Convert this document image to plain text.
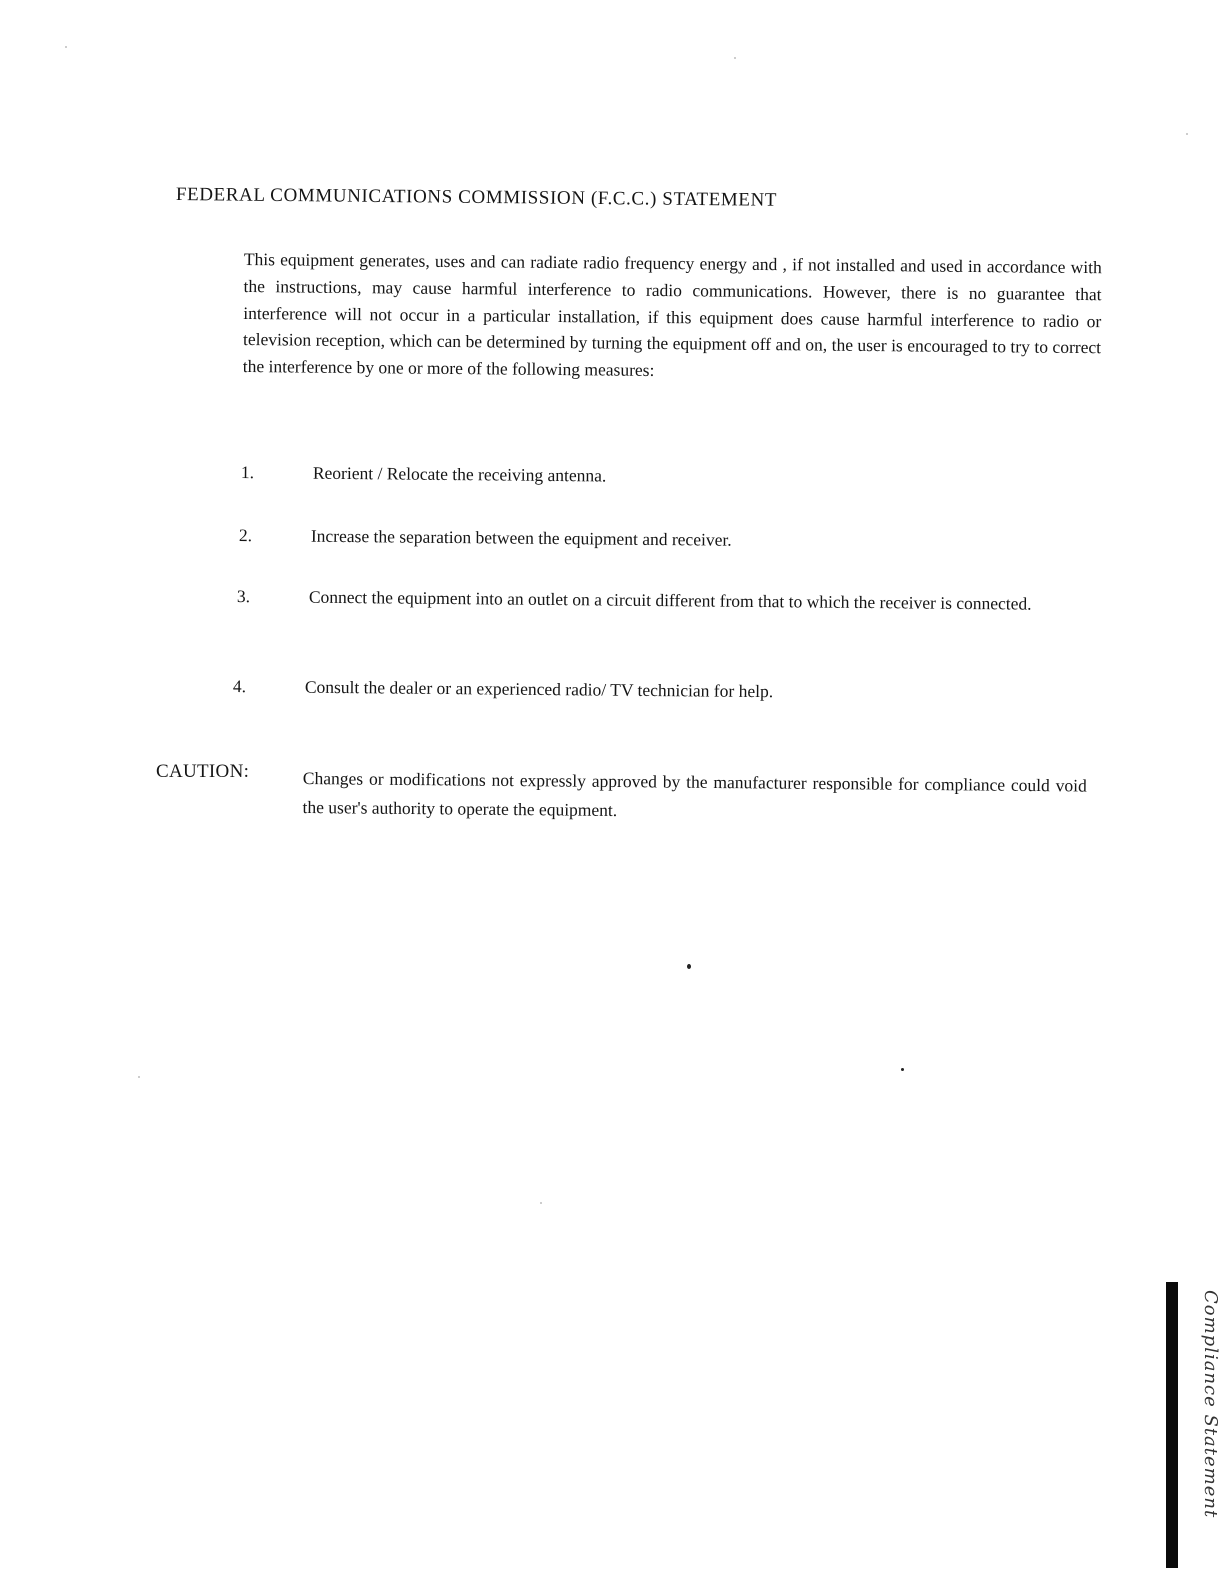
FEDERAL COMMUNICATIONS COMMISSION (F.C.C.) STATEMENT
This equipment generates, uses and can radiate radio frequency energy and , if not installed and used in accordance with the instructions, may cause harmful interference to radio communications. However, there is no guarantee that interference will not occur in a particular installation, if this equipment does cause harmful interference to radio or television reception, which can be determined by turning the equipment off and on, the user is encouraged to try to correct the interference by one or more of the following measures:
1.	Reorient / Relocate the receiving antenna.
2.	Increase the separation between the equipment and receiver.
3.	Connect the equipment into an outlet on a circuit different from that to which the receiver is connected.
4.	Consult the dealer or an experienced radio/ TV technician for help.
CAUTION:	Changes or modifications not expressly approved by the manufacturer responsible for compliance could void the user's authority to operate the equipment.
Compliance Statement
